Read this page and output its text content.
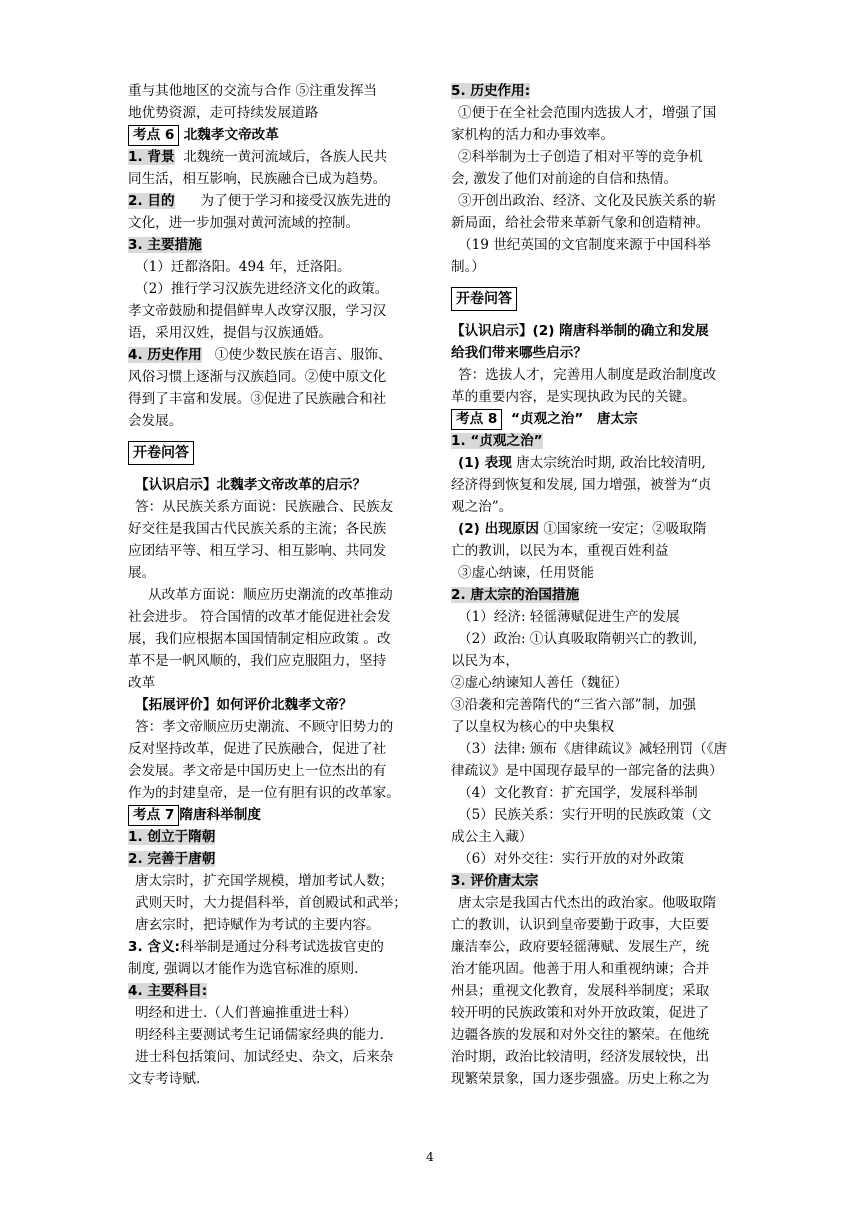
重与其他地区的交流与合作 ⑤注重发挥当
地优势资源，走可持续发展道路
考点 6 北魏孝文帝改革
1. 背景 北魏统一黄河流域后，各族人民共
同生活，相互影响，民族融合已成为趋势。
2. 目的 为了便于学习和接受汉族先进的
文化，进一步加强对黄河流域的控制。
3. 主要措施
（1）迁都洛阳。494 年，迁洛阳。
（2）推行学习汉族先进经济文化的政策。
孝文帝鼓励和提倡鲜卑人改穿汉服，学习汉
语，采用汉姓，提倡与汉族通婚。
4. 历史作用 ①使少数民族在语言、服饰、
风俗习惯上逐渐与汉族趋同。②使中原文化
得到了丰富和发展。③促进了民族融合和社
会发展。
开卷问答
【认识启示】北魏孝文帝改革的启示？
答：从民族关系方面说：民族融合、民族友
好交往是我国古代民族关系的主流；各民族
应团结平等、相互学习、相互影响、共同发
展。
从改革方面说：顺应历史潮流的改革推动
社会进步。 符合国情的改革才能促进社会发
展，我们应根据本国国情制定相应政策 。改
革不是一帆风顺的，我们应克服阻力，坚持
改革
【拓展评价】如何评价北魏孝文帝？
答：孝文帝顺应历史潮流、不顾守旧势力的
反对坚持改革，促进了民族融合，促进了社
会发展。孝文帝是中国历史上一位杰出的有
作为的封建皇帝，是一位有胆有识的改革家。
考点 7 隋唐科举制度
1. 创立于隋朝
2. 完善于唐朝
唐太宗时，扩充国学规模，增加考试人数；
武则天时，大力提倡科举，首创殿试和武举；
唐玄宗时，把诗赋作为考试的主要内容。
3. 含义:科举制是通过分科考试选拔官吏的
制度, 强调以才能作为选官标准的原则.
4. 主要科目:
明经和进士.（人们普遍推重进士科）
明经科主要测试考生记诵儒家经典的能力.
进士科包括策问、加试经史、杂文，后来杂
文专考诗赋.
5. 历史作用:
①便于在全社会范围内选拔人才，增强了国
家机构的活力和办事效率。
②科举制为士子创造了相对平等的竞争机
会, 激发了他们对前途的自信和热情。
③开创出政治、经济、文化及民族关系的崭
新局面，给社会带来革新气象和创造精神。
（19 世纪英国的文官制度来源于中国科举
制。）
开卷问答
【认识启示】(2) 隋唐科举制的确立和发展
给我们带来哪些启示？
答：选拔人才，完善用人制度是政治制度改
革的重要内容，是实现执政为民的关键。
考点 8 “贞观之治”　唐太宗
1. “贞观之治”
(1) 表现 唐太宗统治时期, 政治比较清明,
经济得到恢复和发展, 国力增强，被誉为“贞
观之治”。
(2) 出现原因 ①国家统一安定；②吸取隋
亡的教训，以民为本，重视百姓利益
③虚心纳谏，任用贤能
2. 唐太宗的治国措施
（1）经济: 轻徭薄赋促进生产的发展
（2）政治: ①认真吸取隋朝兴亡的教训,
以民为本，
②虚心纳谏知人善任（魏征）
③沿袭和完善隋代的“三省六部”制，加强
了以皇权为核心的中央集权
（3）法律: 颁布《唐律疏议》减轻刑罚（《唐
律疏议》是中国现存最早的一部完备的法典）
（4）文化教育：扩充国学，发展科举制
（5）民族关系：实行开明的民族政策（文
成公主入藏）
（6）对外交往：实行开放的对外政策
3. 评价唐太宗
唐太宗是我国古代杰出的政治家。他吸取隋
亡的教训，认识到皇帝要勤于政事，大臣要
廉洁奉公，政府要轻徭薄赋、发展生产，统
治才能巩固。他善于用人和重视纳谏；合并
州县；重视文化教育，发展科举制度；采取
较开明的民族政策和对外开放政策，促进了
边疆各族的发展和对外交往的繁荣。在他统
治时期，政治比较清明，经济发展较快，出
现繁荣景象，国力逐步强盛。历史上称之为
4
